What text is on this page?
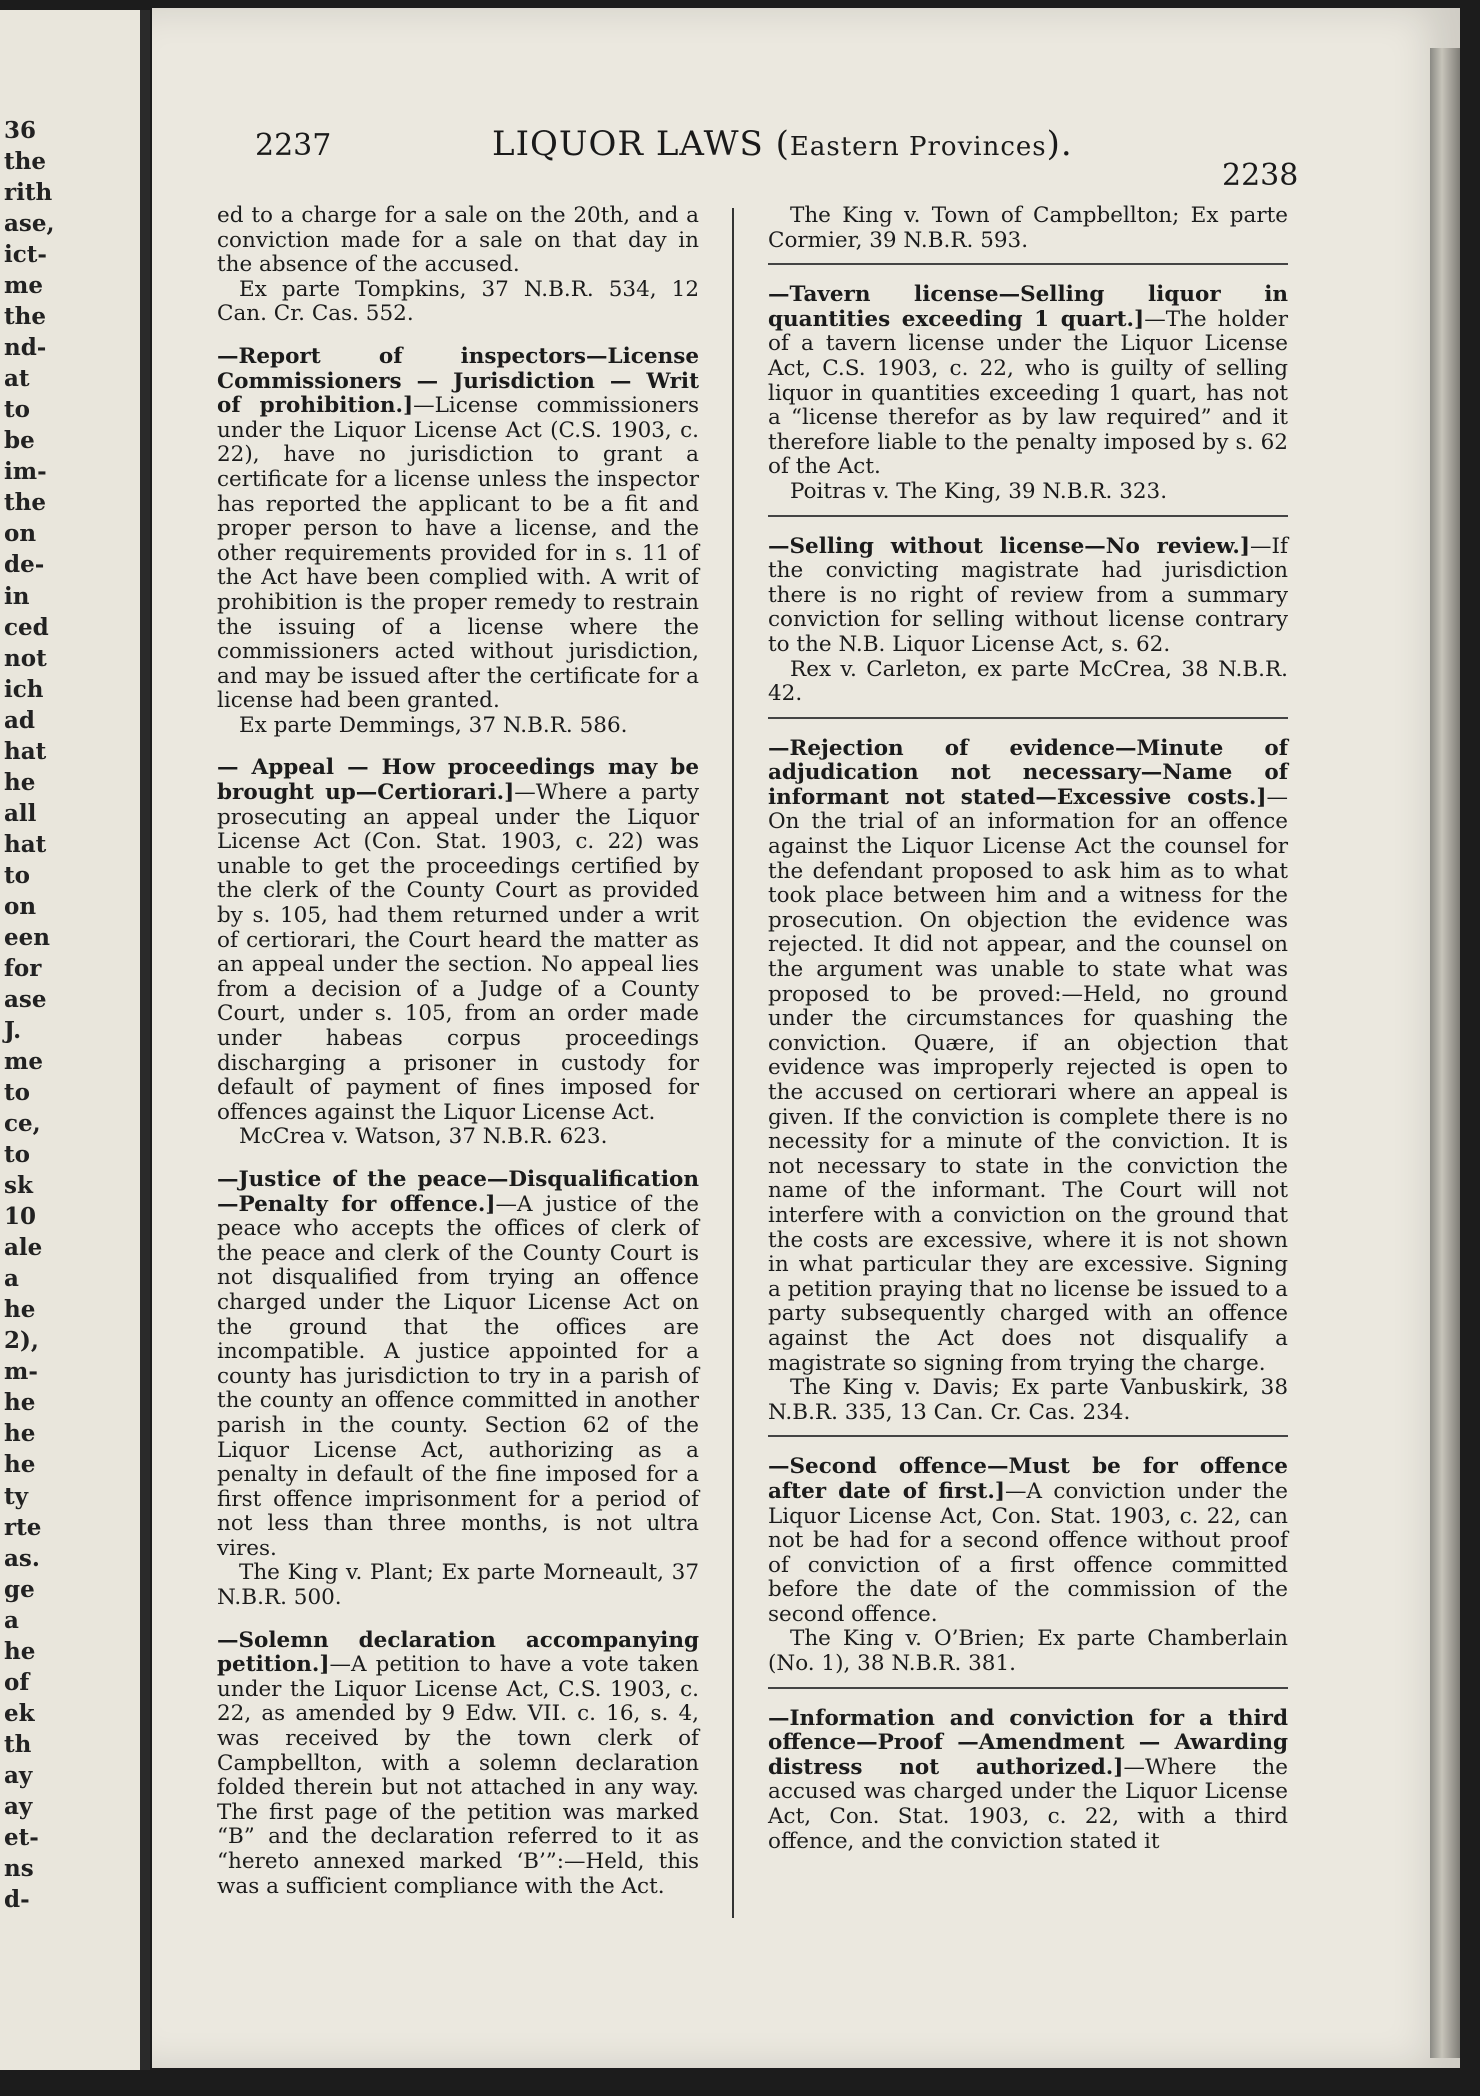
36
the
rith
ase,
ict-
me
the
nd-
at
to
be
im-
the
on
de-
in
ced
not
ich
ad
hat
he
all
hat
to
on
een
for
ase
J.
me
to
ce,
to
sk
10
ale
a
he
2),
m-
he
he
he
ty
rte
as.
ge
a
he
of
ek
th
ay
ay
et-
ns
d-
2237	LIQUOR LAWS (Eastern Provinces).
2238

ed to a charge for a sale on the 20th, and a conviction made for a sale on that day in the absence of the accused.

Ex parte Tompkins, 37 N.B.R. 534, 12 Can. Cr. Cas. 552.

—Report of inspectors—License Commissioners — Jurisdiction — Writ of prohibition.]—License commissioners under the Liquor License Act (C.S. 1903, c. 22), have no jurisdiction to grant a certificate for a license unless the inspector has reported the applicant to be a fit and proper person to have a license, and the other requirements provided for in s. 11 of the Act have been complied with. A writ of prohibition is the proper remedy to restrain the issuing of a license where the commissioners acted without jurisdiction, and may be issued after the certificate for a license had been granted.

Ex parte Demmings, 37 N.B.R. 586.

— Appeal — How proceedings may be brought up—Certiorari.]—Where a party prosecuting an appeal under the Liquor License Act (Con. Stat. 1903, c. 22) was unable to get the proceedings certified by the clerk of the County Court as provided by s. 105, had them returned under a writ of certiorari, the Court heard the matter as an appeal under the section. No appeal lies from a decision of a Judge of a County Court, under s. 105, from an order made under habeas corpus proceedings discharging a prisoner in custody for default of payment of fines imposed for offences against the Liquor License Act.

McCrea v. Watson, 37 N.B.R. 623.

—Justice of the peace—Disqualification—Penalty for offence.]—A justice of the peace who accepts the offices of clerk of the peace and clerk of the County Court is not disqualified from trying an offence charged under the Liquor License Act on the ground that the offices are incompatible. A justice appointed for a county has jurisdiction to try in a parish of the county an offence committed in another parish in the county. Section 62 of the Liquor License Act, authorizing as a penalty in default of the fine imposed for a first offence imprisonment for a period of not less than three months, is not ultra vires.

The King v. Plant; Ex parte Morneault, 37 N.B.R. 500.

—Solemn declaration accompanying petition.]—A petition to have a vote taken under the Liquor License Act, C.S. 1903, c. 22, as amended by 9 Edw. VII. c. 16, s. 4, was received by the town clerk of Campbellton, with a solemn declaration folded therein but not attached in any way. The first page of the petition was marked “B” and the declaration referred to it as “hereto annexed marked ‘B’”:—Held, this was a sufficient compliance with the Act.

The King v. Town of Campbellton; Ex parte Cormier, 39 N.B.R. 593.

—Tavern license—Selling liquor in quantities exceeding 1 quart.]—The holder of a tavern license under the Liquor License Act, C.S. 1903, c. 22, who is guilty of selling liquor in quantities exceeding 1 quart, has not a “license therefor as by law required” and it therefore liable to the penalty imposed by s. 62 of the Act.

Poitras v. The King, 39 N.B.R. 323.

—Selling without license—No review.]—If the convicting magistrate had jurisdiction there is no right of review from a summary conviction for selling without license contrary to the N.B. Liquor License Act, s. 62.

Rex v. Carleton, ex parte McCrea, 38 N.B.R. 42.

—Rejection of evidence—Minute of adjudication not necessary—Name of informant not stated—Excessive costs.]—On the trial of an information for an offence against the Liquor License Act the counsel for the defendant proposed to ask him as to what took place between him and a witness for the prosecution. On objection the evidence was rejected. It did not appear, and the counsel on the argument was unable to state what was proposed to be proved:—Held, no ground under the circumstances for quashing the conviction. Quære, if an objection that evidence was improperly rejected is open to the accused on certiorari where an appeal is given. If the conviction is complete there is no necessity for a minute of the conviction. It is not necessary to state in the conviction the name of the informant. The Court will not interfere with a conviction on the ground that the costs are excessive, where it is not shown in what particular they are excessive. Signing a petition praying that no license be issued to a party subsequently charged with an offence against the Act does not disqualify a magistrate so signing from trying the charge.

The King v. Davis; Ex parte Vanbuskirk, 38 N.B.R. 335, 13 Can. Cr. Cas. 234.

—Second offence—Must be for offence after date of first.]—A conviction under the Liquor License Act, Con. Stat. 1903, c. 22, can not be had for a second offence without proof of conviction of a first offence committed before the date of the commission of the second offence.

The King v. O’Brien; Ex parte Chamberlain (No. 1), 38 N.B.R. 381.

—Information and conviction for a third offence—Proof —Amendment — Awarding distress not authorized.]—Where the accused was charged under the Liquor License Act, Con. Stat. 1903, c. 22, with a third offence, and the conviction stated it
